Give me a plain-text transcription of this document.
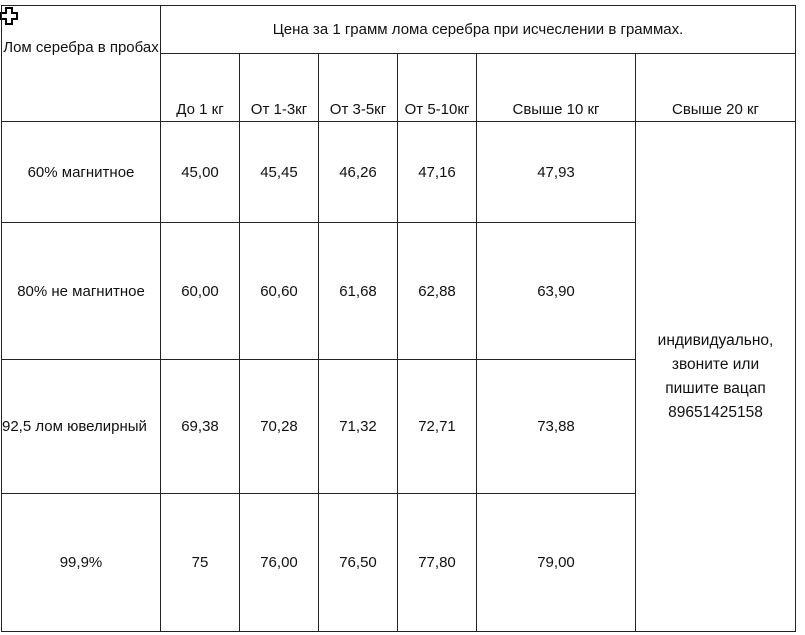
Лом серебра в пробах	Цена за 1 грамм лома серебра при исчеслении в граммах.					
	До 1 кг	От 1-3кг	От 3-5кг	От 5-10кг	Свыше 10 кг	Свыше 20 кг
60% магнитное	45,00	45,45	46,26	47,16	47,93	индивидуально,
звоните или
пишите вацап
89651425158

80% не магнитное	60,00	60,60	61,68	62,88	63,90	
92,5 лом ювелирный	69,38	70,28	71,32	72,71	73,88	
99,9%	75	76,00	76,50	77,80	79,00	
